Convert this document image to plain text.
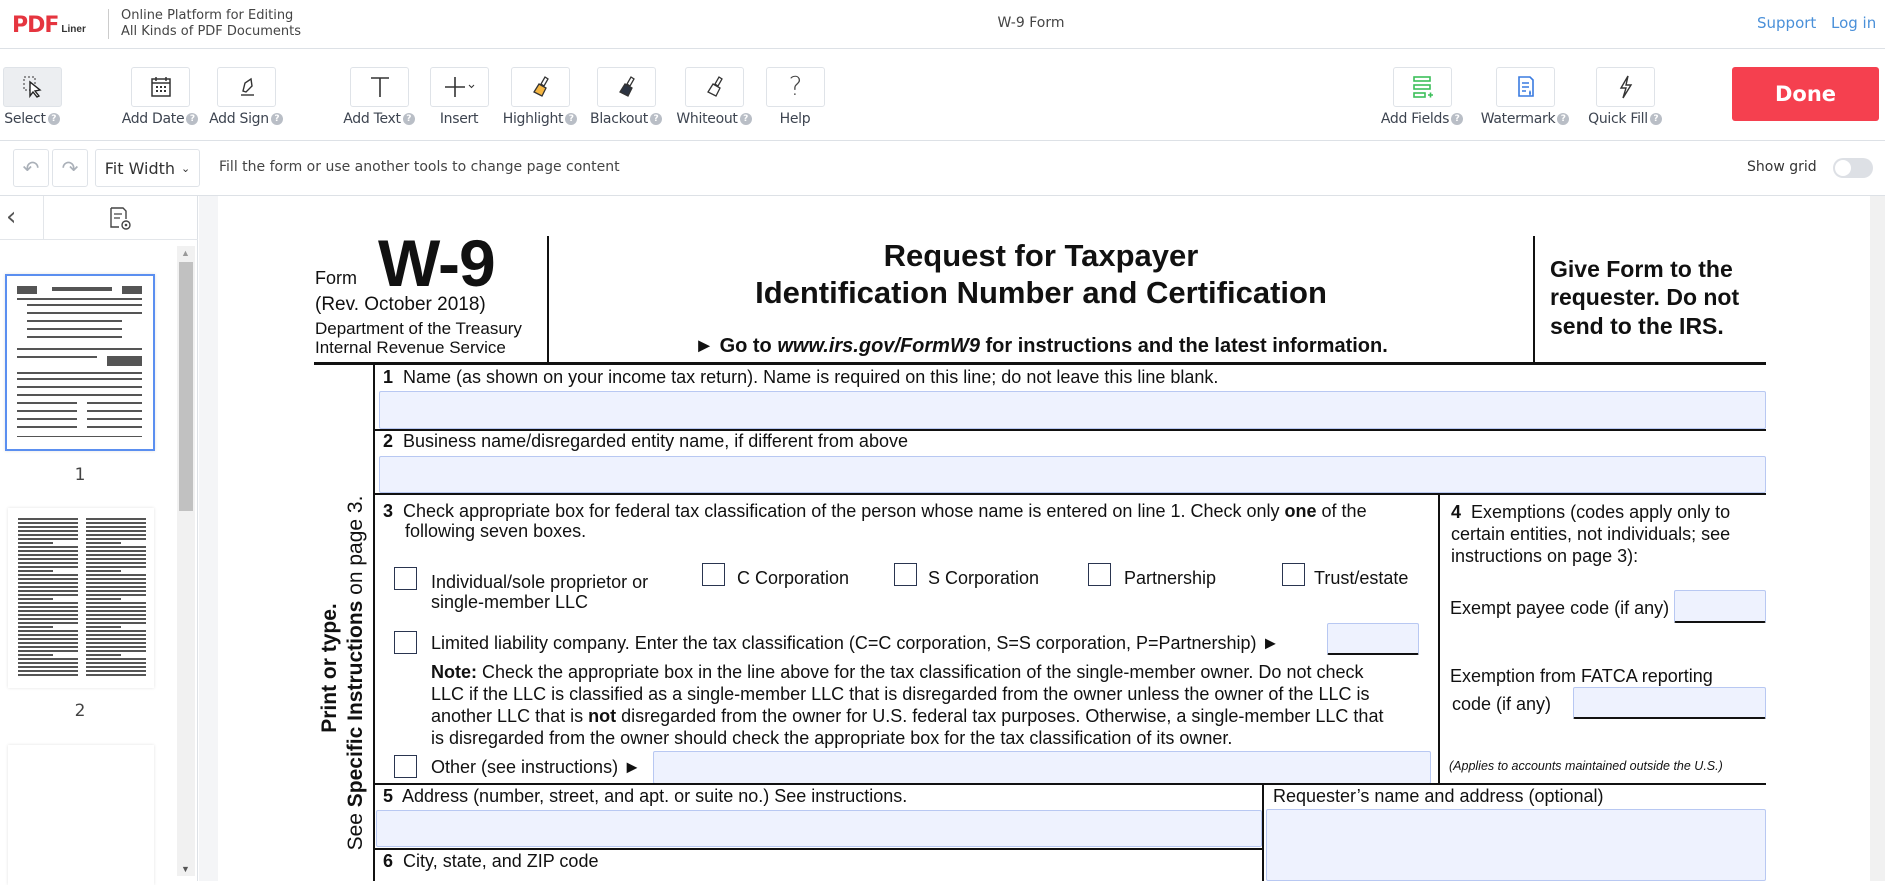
PDF Liner
Online Platform for Editing
All Kinds of PDF Documents
W-9 Form	Support Log in
Select ?	Add Date ?	Add Sign ?	Add Text ?	Insert	Highlight ?	Blackout ?	Whiteout ?
?
Help	Add Fields ?	Watermark ?	Quick Fill ?
Done
↶ ↷ Fit Width ⌄ Fill the form or use another tools to change page content	Show grid
‹
1
2
▲
▼
Form W-9
(Rev. October 2018)
Department of the Treasury
Internal Revenue Service
Request for Taxpayer
Identification Number and Certification
► Go to www.irs.gov/FormW9 for instructions and the latest information.
Give Form to the
requester. Do not
send to the IRS.
Print or type.
See Specific Instructions on page 3.
1 Name (as shown on your income tax return). Name is required on this line; do not leave this line blank.
2 Business name/disregarded entity name, if different from above
3 Check appropriate box for federal tax classification of the person whose name is entered on line 1. Check only one of the
following seven boxes.
Individual/sole proprietor or
single-member LLC
C Corporation	S Corporation	Partnership	Trust/estate
Limited liability company. Enter the tax classification (C=C corporation, S=S corporation, P=Partnership) ►
Note: Check the appropriate box in the line above for the tax classification of the single-member owner. Do not check
LLC if the LLC is classified as a single-member LLC that is disregarded from the owner unless the owner of the LLC is
another LLC that is not disregarded from the owner for U.S. federal tax purposes. Otherwise, a single-member LLC that
is disregarded from the owner should check the appropriate box for the tax classification of its owner.
Other (see instructions) ►
4 Exemptions (codes apply only to
certain entities, not individuals; see
instructions on page 3):
Exempt payee code (if any)
Exemption from FATCA reporting
code (if any)
(Applies to accounts maintained outside the U.S.)
5 Address (number, street, and apt. or suite no.) See instructions.	Requester’s name and address (optional)
6 City, state, and ZIP code
